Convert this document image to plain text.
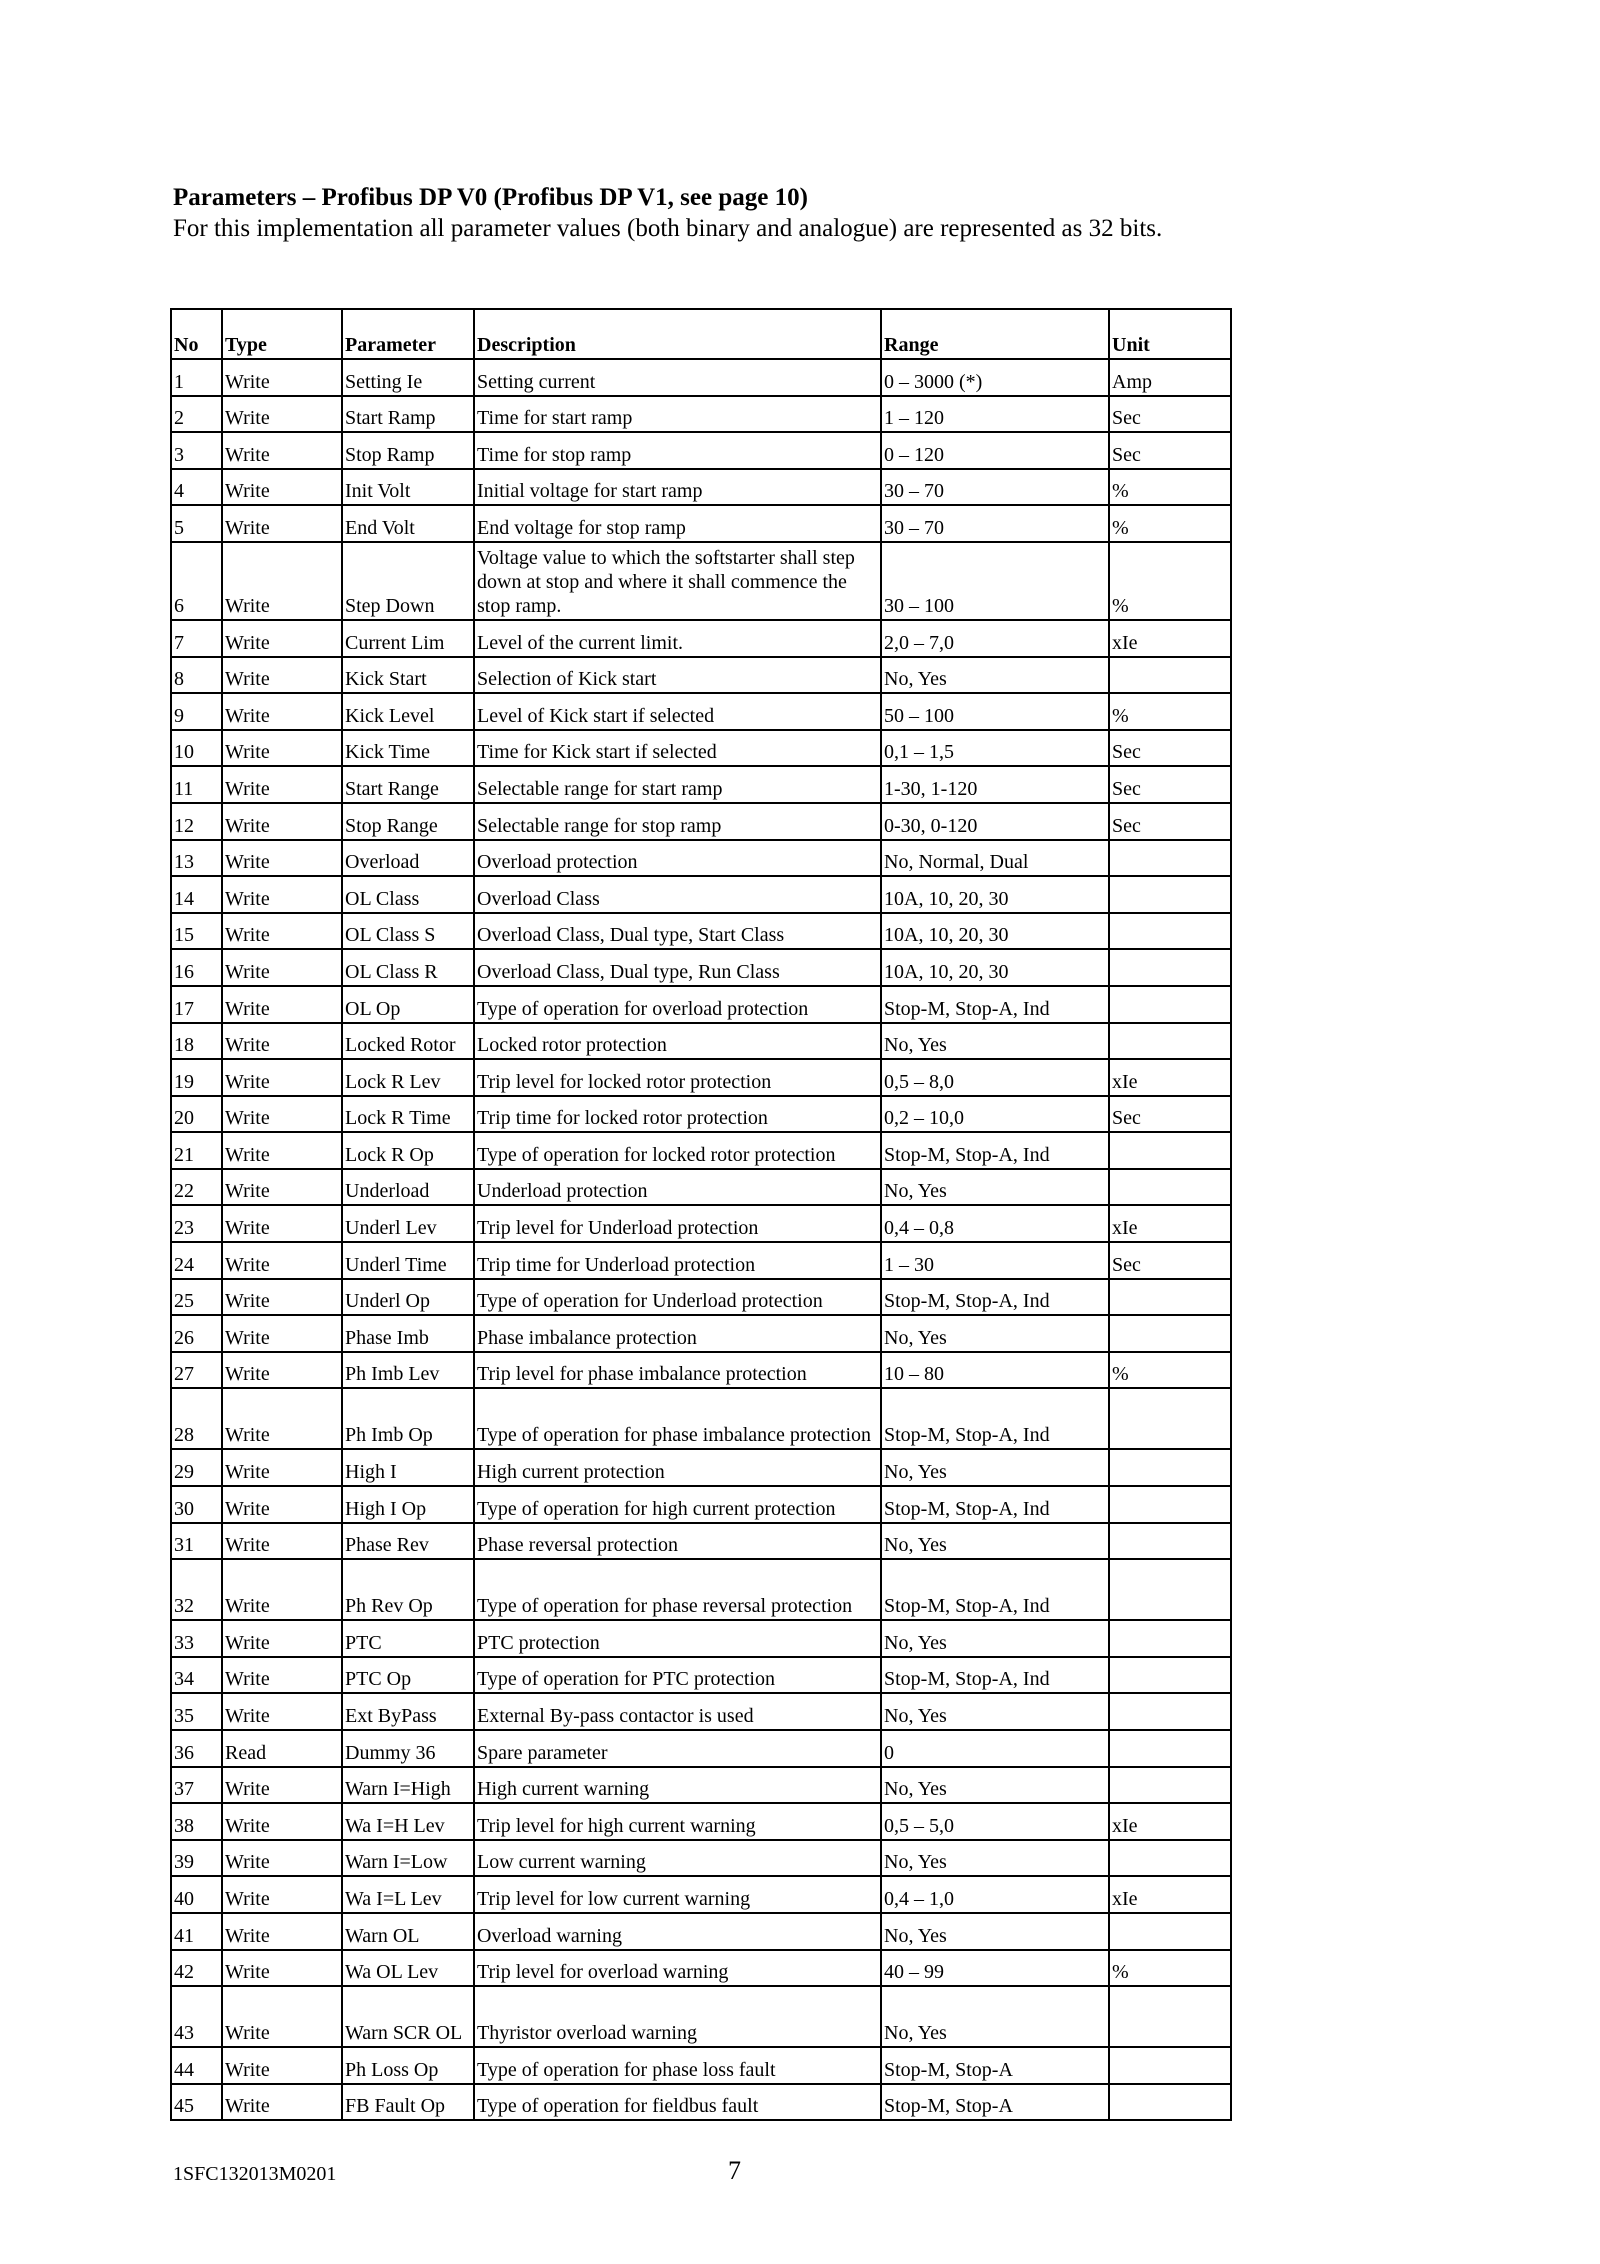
Parameters – Profibus DP V0 (Profibus DP V1, see page 10)
For this implementation all parameter values (both binary and analogue) are represented as 32 bits.
No	Type	Parameter	Description	Range	Unit
1	Write	Setting Ie	Setting current	0 – 3000 (*)	Amp
2	Write	Start Ramp	Time for start ramp	1 – 120	Sec
3	Write	Stop Ramp	Time for stop ramp	0 – 120	Sec
4	Write	Init Volt	Initial voltage for start ramp	30 – 70	%
5	Write	End Volt	End voltage for stop ramp	30 – 70	%
6	Write	Step Down	Voltage value to which the softstarter shall step down at stop and where it shall commence the stop ramp.	30 – 100	%
7	Write	Current Lim	Level of the current limit.	2,0 – 7,0	xIe
8	Write	Kick Start	Selection of Kick start	No, Yes	
9	Write	Kick Level	Level of Kick start if selected	50 – 100	%
10	Write	Kick Time	Time for Kick start if selected	0,1 – 1,5	Sec
11	Write	Start Range	Selectable range for start ramp	1-30, 1-120	Sec
12	Write	Stop Range	Selectable range for stop ramp	0-30, 0-120	Sec
13	Write	Overload	Overload protection	No, Normal, Dual	
14	Write	OL Class	Overload Class	10A, 10, 20, 30	
15	Write	OL Class S	Overload Class, Dual type, Start Class	10A, 10, 20, 30	
16	Write	OL Class R	Overload Class, Dual type, Run Class	10A, 10, 20, 30	
17	Write	OL Op	Type of operation for overload protection	Stop-M, Stop-A, Ind	
18	Write	Locked Rotor	Locked rotor protection	No, Yes	
19	Write	Lock R Lev	Trip level for locked rotor protection	0,5 – 8,0	xIe
20	Write	Lock R Time	Trip time for locked rotor protection	0,2 – 10,0	Sec
21	Write	Lock R Op	Type of operation for locked rotor protection	Stop-M, Stop-A, Ind	
22	Write	Underload	Underload protection	No, Yes	
23	Write	Underl Lev	Trip level for Underload protection	0,4 – 0,8	xIe
24	Write	Underl Time	Trip time for Underload protection	1 – 30	Sec
25	Write	Underl Op	Type of operation for Underload protection	Stop-M, Stop-A, Ind	
26	Write	Phase Imb	Phase imbalance protection	No, Yes	
27	Write	Ph Imb Lev	Trip level for phase imbalance protection	10 – 80	%
28	Write	Ph Imb Op	Type of operation for phase imbalance protection	Stop-M, Stop-A, Ind	
29	Write	High I	High current protection	No, Yes	
30	Write	High I Op	Type of operation for high current protection	Stop-M, Stop-A, Ind	
31	Write	Phase Rev	Phase reversal protection	No, Yes	
32	Write	Ph Rev Op	Type of operation for phase reversal protection	Stop-M, Stop-A, Ind	
33	Write	PTC	PTC protection	No, Yes	
34	Write	PTC Op	Type of operation for PTC protection	Stop-M, Stop-A, Ind	
35	Write	Ext ByPass	External By-pass contactor is used	No, Yes	
36	Read	Dummy 36	Spare parameter	0	
37	Write	Warn I=High	High current warning	No, Yes	
38	Write	Wa I=H Lev	Trip level for high current warning	0,5 – 5,0	xIe
39	Write	Warn I=Low	Low current warning	No, Yes	
40	Write	Wa I=L Lev	Trip level for low current warning	0,4 – 1,0	xIe
41	Write	Warn OL	Overload warning	No, Yes	
42	Write	Wa OL Lev	Trip level for overload warning	40 – 99	%
43	Write	Warn SCR OL	Thyristor overload warning	No, Yes	
44	Write	Ph Loss Op	Type of operation for phase loss fault	Stop-M, Stop-A	
45	Write	FB Fault Op	Type of operation for fieldbus fault	Stop-M, Stop-A	
1SFC132013M0201	7
